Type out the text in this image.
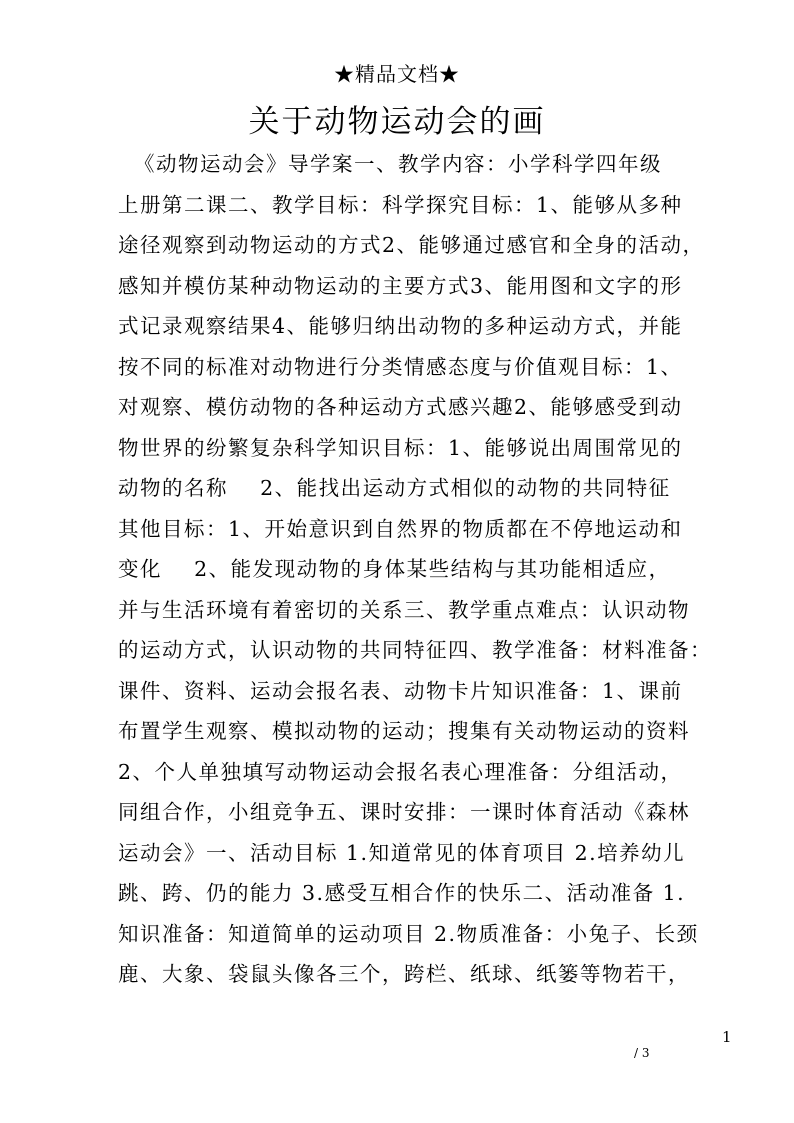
★精品文档★
关于动物运动会的画
《动物运动会》导学案一、教学内容：小学科学四年级
上册第二课二、教学目标：科学探究目标：1、能够从多种
途径观察到动物运动的方式2、能够通过感官和全身的活动，
感知并模仿某种动物运动的主要方式3、能用图和文字的形
式记录观察结果4、能够归纳出动物的多种运动方式，并能
按不同的标准对动物进行分类情感态度与价值观目标：1、
对观察、模仿动物的各种运动方式感兴趣2、能够感受到动
物世界的纷繁复杂科学知识目标：1、能够说出周围常见的
动物的名称    2、能找出运动方式相似的动物的共同特征
其他目标：1、开始意识到自然界的物质都在不停地运动和
变化    2、能发现动物的身体某些结构与其功能相适应，
并与生活环境有着密切的关系三、教学重点难点：认识动物
的运动方式，认识动物的共同特征四、教学准备：材料准备：
课件、资料、运动会报名表、动物卡片知识准备：1、课前
布置学生观察、模拟动物的运动；搜集有关动物运动的资料
2、个人单独填写动物运动会报名表心理准备：分组活动，
同组合作，小组竞争五、课时安排：一课时体育活动《森林
运动会》一、活动目标 1.知道常见的体育项目 2.培养幼儿
跳、跨、仍的能力 3.感受互相合作的快乐二、活动准备 1.
知识准备：知道简单的运动项目 2.物质准备：小兔子、长颈
鹿、大象、袋鼠头像各三个，跨栏、纸球、纸篓等物若干，
1
/ 3
